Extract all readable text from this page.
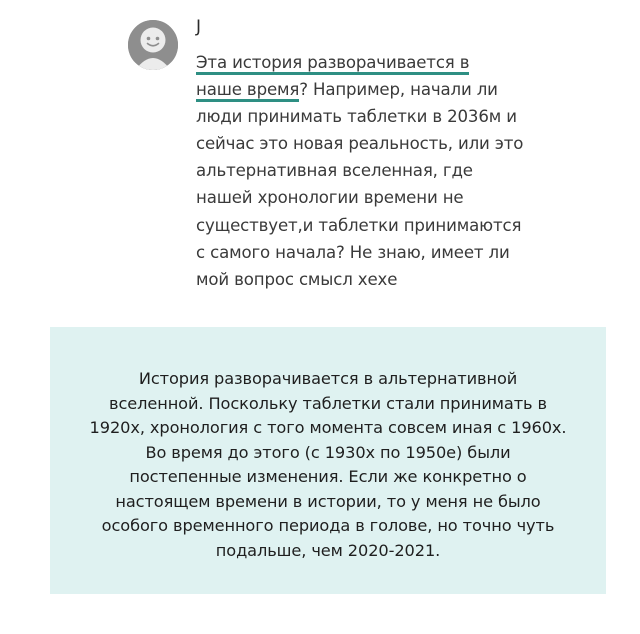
J

Эта история разворачивается в
наше время? Например, начали ли
люди принимать таблетки в 2036м и
сейчас это новая реальность, или это
альтернативная вселенная, где
нашей хронологии времени не
существует,и таблетки принимаются
с самого начала? Не знаю, имеет ли
мой вопрос смысл хехе

История разворачивается в альтернативной
вселенной. Поскольку таблетки стали принимать в
1920х, хронология с того момента совсем иная с 1960х.
Во время до этого (с 1930х по 1950е) были
постепенные изменения. Если же конкретно о
настоящем времени в истории, то у меня не было
особого временного периода в голове, но точно чуть
подальше, чем 2020-2021.
